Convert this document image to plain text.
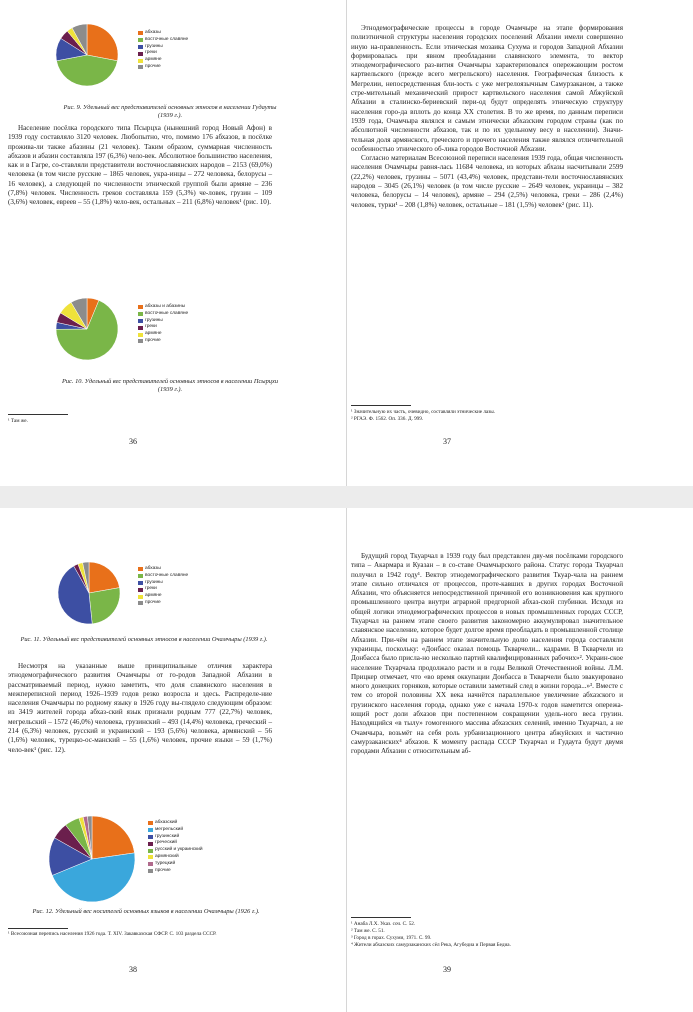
абхазы
восточные славяне
грузины
греки
армяне
прочие

Рис. 9. Удельный вес представителей основных этносов в населении Гудауты (1939 г.).

Население посёлка городского типа Псырцха (нынешний город Новый Афон) в 1939 году составляло 3120 человек. Любопытно, что, помимо 176 абхазов, в посёлке прожива-ли также абазины (21 человек). Таким образом, суммарная численность абхазов и абазин составляла 197 (6,3%) чело-век. Абсолютное большинство населения, как и в Гагре, со-ставляли представители восточнославянских народов – 2153 (69,0%) человека (в том числе русские – 1865 человек, укра-инцы – 272 человека, белорусы – 16 человек), а следующей по численности этнической группой были армяне – 236 (7,8%) человек. Численность греков составляла 159 (5,3%) че-ловек, грузин – 109 (3,6%) человек, евреев – 55 (1,8%) чело-век, остальных – 211 (6,8%) человек¹ (рис. 10).

абхазы и абазины
восточные славяне
грузины
греки
армяне
прочие

Рис. 10. Удельный вес представителей основных этносов в населении Псырцхи (1939 г.).

¹ Там же.
36

Этнодемографические процессы в городе Очамчыре на этапе формирования полиэтничной структуры населения городских поселений Абхазии имели совершенно иную на-правленность. Если этническая мозаика Сухума и городов Западной Абхазии формировалась при явном преобладании славянского элемента, то вектор этнодемографического раз-вития Очамчыры характеризовался опережающим ростом картвельского (прежде всего мегрельского) населения. Географическая близость к Мегрелии, непосредственная бли-зость с уже мегрелоязычным Самурзаканом, а также стре-мительный механический прирост картвельского населения самой Абжуйской Абхазии в сталинско-бериевский пери-од будут определять этническую структуру населения горо-да вплоть до конца XX столетия. В то же время, по данным переписи 1939 года, Очамчыра являлся и самым этнически абхазским городом страны (как по абсолютной численности абхазов, так и по их удельному весу в населении). Значи-тельная доля армянского, греческого и прочего населения также являлся отличительной особенностью этнического об-лика городов Восточной Абхазии.

Согласно материалам Всесоюзной переписи населения 1939 года, общая численность населения Очамчыры равня-лась 11684 человека, из которых абхазы насчитывали 2599 (22,2%) человек, грузины – 5071 (43,4%) человек, представи-тели восточнославянских народов – 3045 (26,1%) человек (в том числе русские – 2649 человек, украинцы – 382 человека, белорусы – 14 человек), армяне – 294 (2,5%) человека, греки – 286 (2,4%) человек, турки¹ – 208 (1,8%) человек, остальные – 181 (1,5%) человек² (рис. 11).

¹ Значительную их часть, очевидно, составляли этнические лазы.
² РГАЭ. Ф. 1562. Оп. 336. Д. 999.
37
абхазы
восточные славяне
грузины
греки
армяне
прочие

Рис. 11. Удельный вес представителей основных этносов в населении Очамчыры (1939 г.).

Несмотря на указанные выше принципиальные отличия характера этнодемографического развития Очамчыры от го-родов Западной Абхазии в рассматриваемый период, нужно заметить, что доля славянского населения в межпереписной период 1926–1939 годов резко возросла и здесь. Распределе-ние населения Очамчыры по родному языку в 1926 году вы-глядело следующим образом: из 3419 жителей города абхаз-ский язык признали родным 777 (22,7%) человек, мегрельский – 1572 (46,0%) человека, грузинский – 493 (14,4%) человека, греческий – 214 (6,3%) человек, русский и украинский – 193 (5,6%) человека, армянский – 56 (1,6%) человек, турецко-ос-манский – 55 (1,6%) человек, прочие языки – 59 (1,7%) чело-век¹ (рис. 12).

абхазский
мегрельский
грузинский
греческий
русский и украинский
армянский
турецкий
прочие

Рис. 12. Удельный вес носителей основных языков в населении Очамчыры (1926 г.).

¹ Всесоюзная перепись населения 1926 года. Т. XIV. Закавказская СФСР. С. 103 раздела СССР.
38

Будущий город Ткуарчал в 1939 году был представлен дву-мя посёлками городского типа – Акармара и Куазан – в со-ставе Очамчырского района. Статус города Ткуарчал получил в 1942 году¹. Вектор этнодемографического развития Ткуар-чала на раннем этапе сильно отличался от процессов, проте-кавших в других городах Восточной Абхазии, что объясняется непосредственной причиной его возникновения как крупного промышленного центра внутри аграрной предгорной абхаз-ской глубинки. Исходя из общей логики этнодемографических процессов в новых промышленных городах СССР, Ткуарчал на раннем этапе своего развития закономерно аккумулировал значительное славянское население, которое будет долгое время преобладать в промышленной столице Абхазии. При-чём на раннем этапе значительную долю населения города составляли украинцы, поскольку: «Донбасс оказал помощь Ткварчели... кадрами. В Ткварчели из Донбасса было присла-но несколько партий квалифицированных рабочих»². Украин-ское население Ткуарчала продолжало расти и в годы Великой Отечественной войны. Л.М. Прицкер отмечает, что «во время оккупации Донбасса в Ткварчели было эвакуировано много донецких горняков, которые оставили заметный след в жизни города...»³. Вместе с тем со второй половины XX века начнётся параллельное увеличение абхазского и грузинского населения города, однако уже с начала 1970-х годов наметится опережа-ющий рост доли абхазов при постепенном сокращении удель-ного веса грузин. Находящийся «в тылу» гомогенного массива абхазских селений, именно Ткуарчал, а не Очамчыра, возьмёт на себя роль урбанизационного центра абжуйских и частично самурзаканских⁴ абхазов. К моменту распада СССР Ткуарчал и Гудаута будут двумя городами Абхазии с относительным аб-

¹ Анаба Л.Х. Указ. соч. С. 52.
² Там же. С. 51.
³ Город в горах. Сухуми, 1971. С. 99.
⁴ Жители абхазских самурзаканских сёл Река, Агубедиа и Первая Бедиа.
39
